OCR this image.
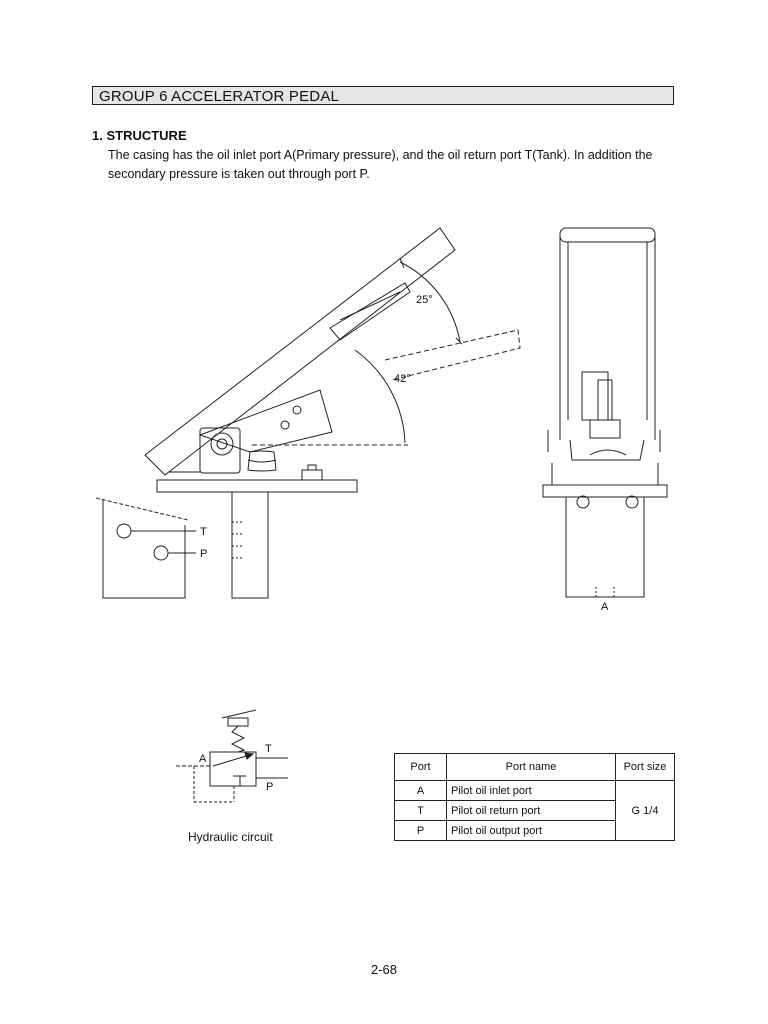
GROUP 6 ACCELERATOR PEDAL
1. STRUCTURE
The casing has the oil inlet port A(Primary pressure), and the oil return port T(Tank). In addition the secondary pressure is taken out through port P.
25°
42°
T
P
A
A
T
P
Hydraulic circuit
Port	Port name	Port size
A	Pilot oil inlet port	G 1/4
T	Pilot oil return port	
P	Pilot oil output port	
2-68
